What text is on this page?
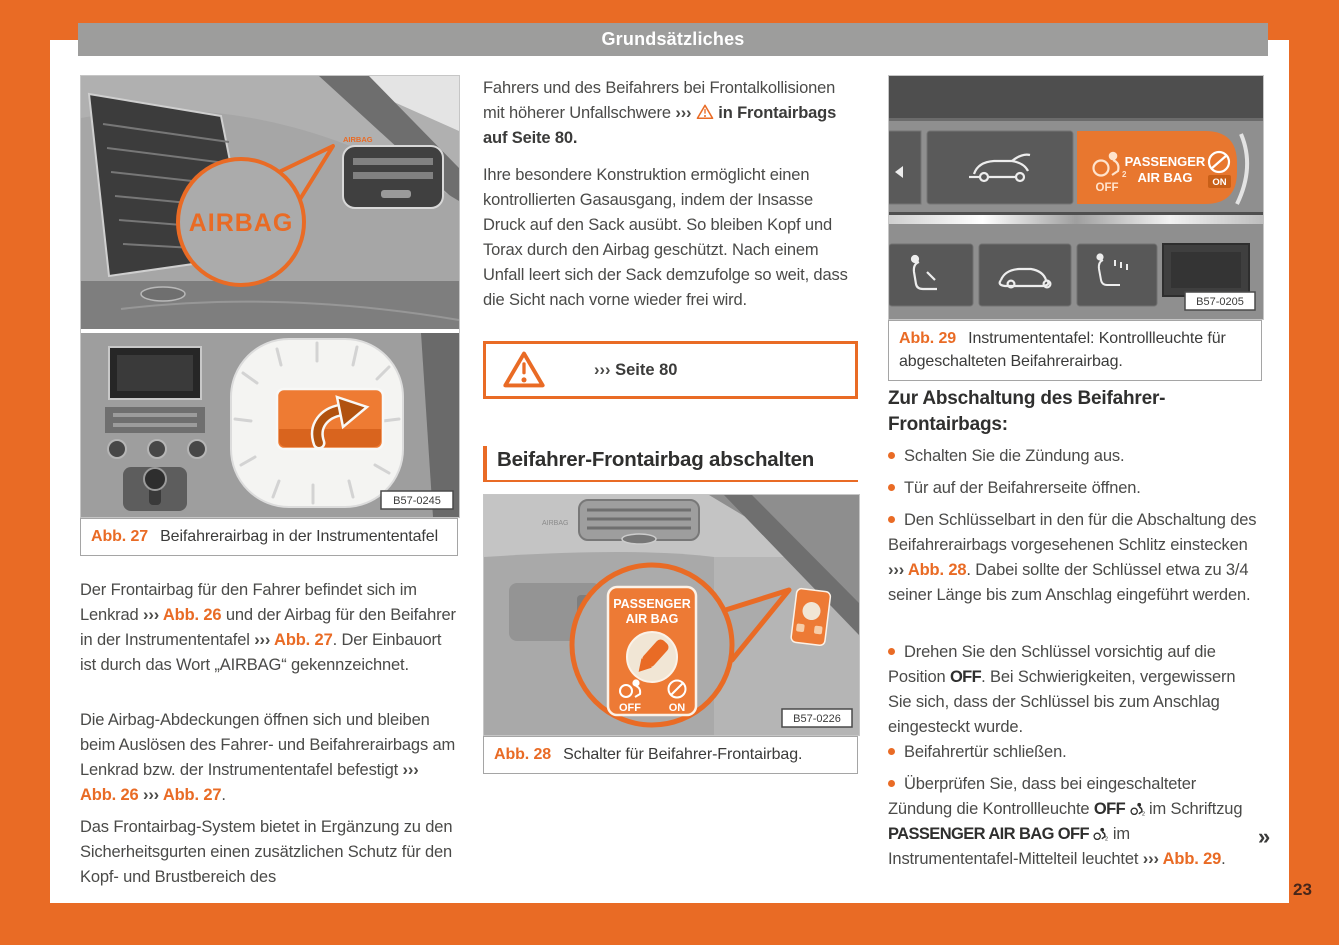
Grundsätzliches
AIRBAG
AIRBAG
B57-0245
Abb. 27 Beifahrerairbag in der Instrumententafel
Der Frontairbag für den Fahrer befindet sich im Lenkrad ››› Abb. 26 und der Airbag für den Beifahrer in der Instrumententafel ››› Abb. 27. Der Einbauort ist durch das Wort „AIRBAG“ gekennzeichnet.
Die Airbag-Abdeckungen öffnen sich und bleiben beim Auslösen des Fahrer- und Beifahrerairbags am Lenkrad bzw. der Instrumententafel befestigt ››› Abb. 26 ››› Abb. 27.
Das Frontairbag-System bietet in Ergänzung zu den Sicherheitsgurten einen zusätzlichen Schutz für den Kopf- und Brustbereich des
Fahrers und des Beifahrers bei Frontalkollisionen mit höherer Unfallschwere ›››  in Frontairbags auf Seite 80.
Ihre besondere Konstruktion ermöglicht einen kontrollierten Gasausgang, indem der Insasse Druck auf den Sack ausübt. So bleiben Kopf und Torax durch den Airbag geschützt. Nach einem Unfall leert sich der Sack demzufolge so weit, dass die Sicht nach vorne wieder frei wird.
››› Seite 80
Beifahrer-Frontairbag abschalten
AIRBAG
PASSENGER
AIR BAG
OFF	ON
B57-0226
Abb. 28 Schalter für Beifahrer-Frontairbag.
2
OFF
PASSENGER
AIR BAG ON
B57-0205
Abb. 29 Instrumententafel: Kontrollleuchte für abgeschalteten Beifahrerairbag.
Zur Abschaltung des Beifahrer-Frontairbags:
Schalten Sie die Zündung aus.
Tür auf der Beifahrerseite öffnen.
Den Schlüsselbart in den für die Abschaltung des Beifahrerairbags vorgesehenen Schlitz einstecken ››› Abb. 28. Dabei sollte der Schlüssel etwa zu 3/4 seiner Länge bis zum Anschlag eingeführt werden.
Drehen Sie den Schlüssel vorsichtig auf die Position OFF. Bei Schwierigkeiten, vergewissern Sie sich, dass der Schlüssel bis zum Anschlag eingesteckt wurde.
Beifahrertür schließen.
Überprüfen Sie, dass bei eingeschalteter Zündung die Kontrollleuchte OFF	2 im Schriftzug PASSENGER AIR BAG OFF	2 im Instrumententafel-Mittelteil leuchtet ››› Abb. 29.
»
23
